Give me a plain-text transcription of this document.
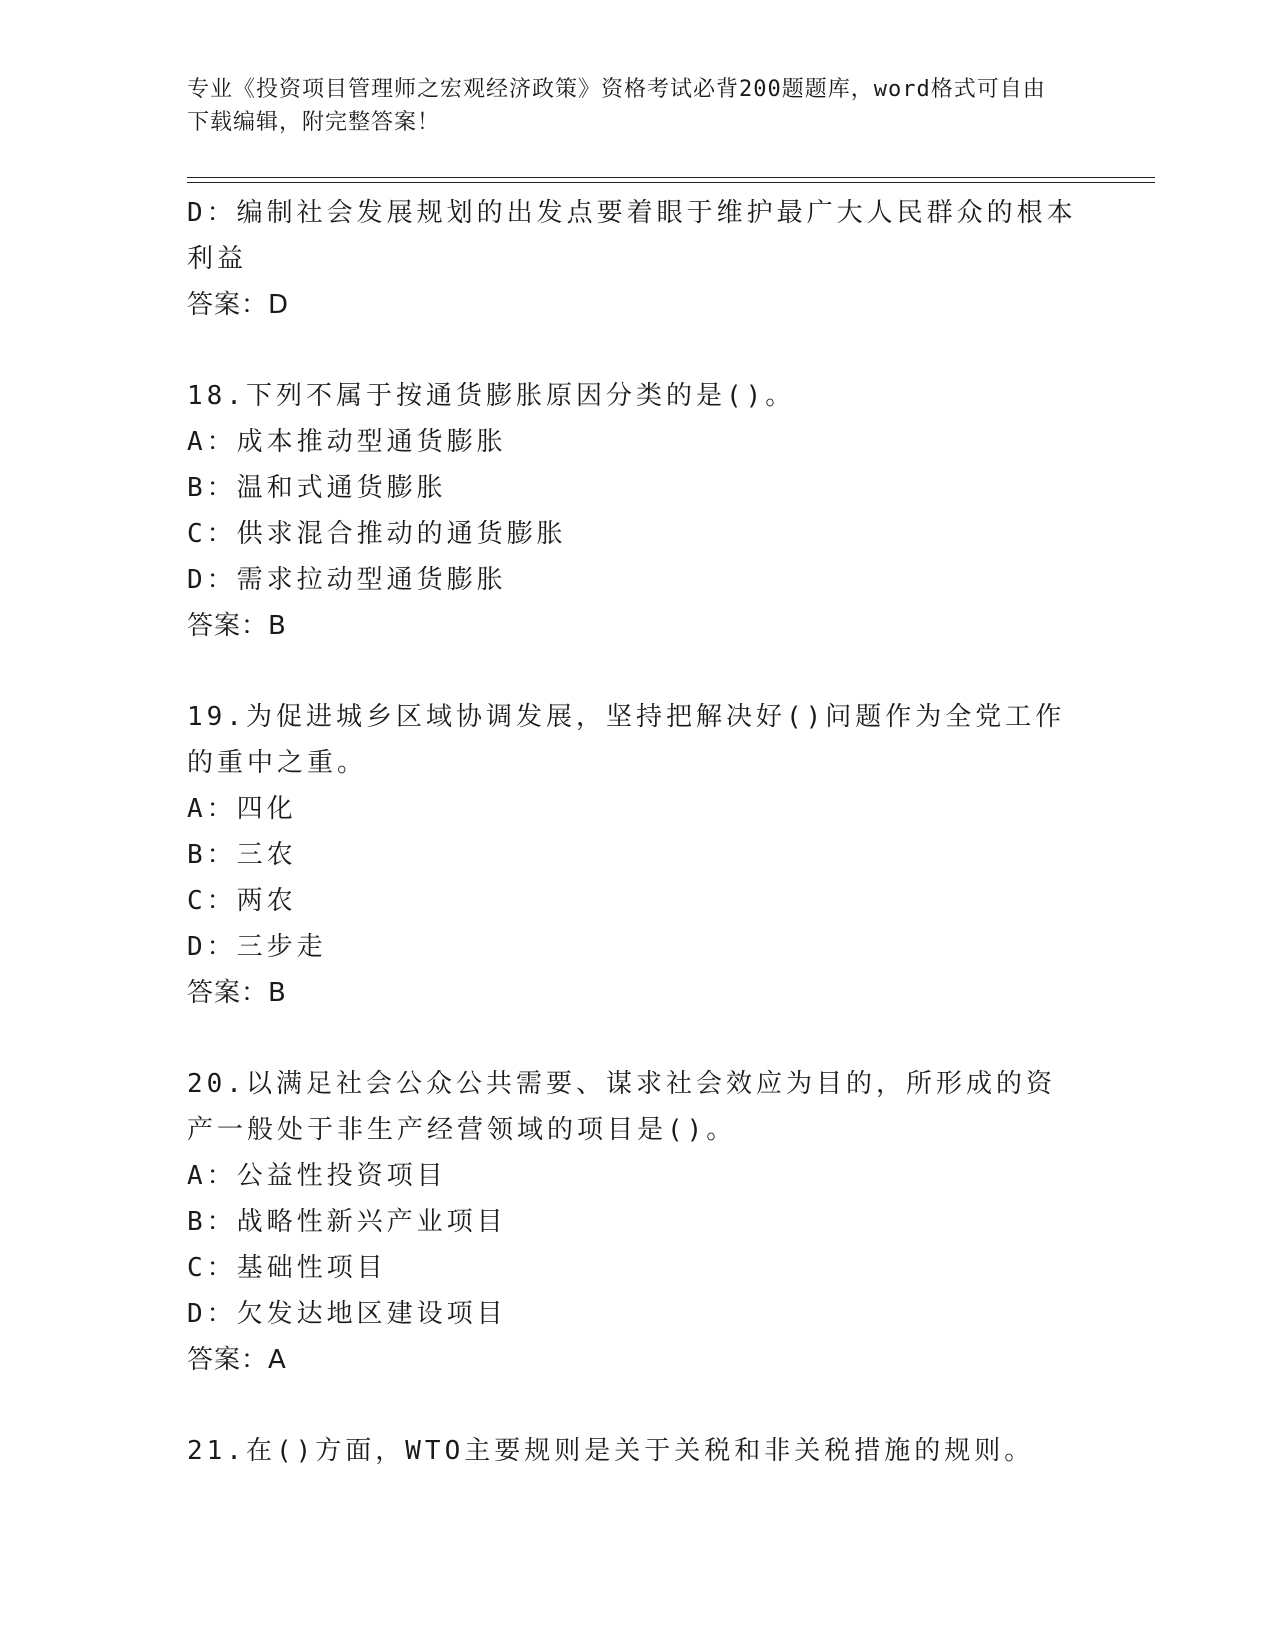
专业《投资项目管理师之宏观经济政策》资格考试必背200题题库，word格式可自由下载编辑，附完整答案！

D：编制社会发展规划的出发点要着眼于维护最广大人民群众的根本利益

答案：D

18.下列不属于按通货膨胀原因分类的是()。

A：成本推动型通货膨胀

B：温和式通货膨胀

C：供求混合推动的通货膨胀

D：需求拉动型通货膨胀

答案：B

19.为促进城乡区域协调发展，坚持把解决好()问题作为全党工作的重中之重。

A：四化

B：三农

C：两农

D：三步走

答案：B

20.以满足社会公众公共需要、谋求社会效应为目的，所形成的资产一般处于非生产经营领域的项目是()。

A：公益性投资项目

B：战略性新兴产业项目

C：基础性项目

D：欠发达地区建设项目

答案：A

21.在()方面，WTO主要规则是关于关税和非关税措施的规则。
